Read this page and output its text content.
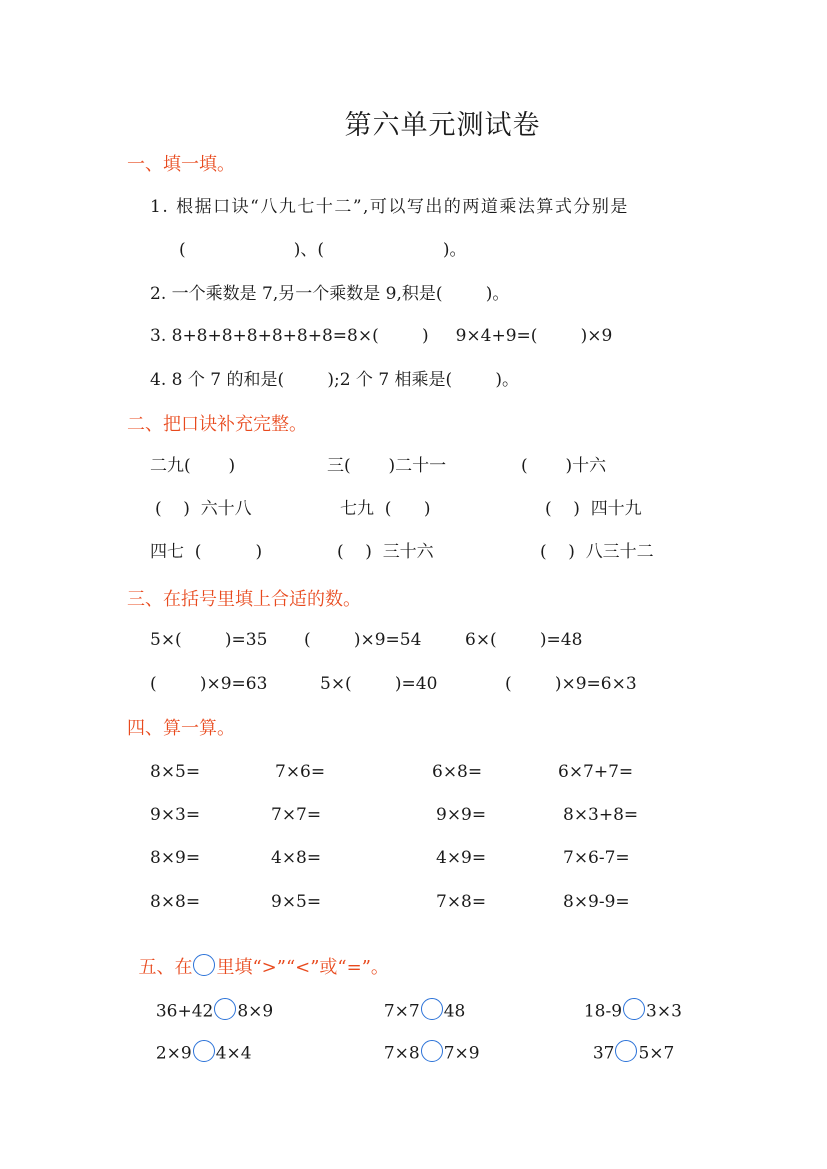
第六单元测试卷
一、填一填。
1. 根据口诀“八九七十二”,可以写出的两道乘法算式分别是
(                    )、(                      )。
2. 一个乘数是 7,另一个乘数是 9,积是(        )。
3. 8+8+8+8+8+8+8=8×(        )     9×4+9=(        )×9
4. 8 个 7 的和是(        );2 个 7 相乘是(        )。
二、把口诀补充完整。
二九(       )	三(       )二十一	(       )十六
(    )  六十八	七九  (      )	(    )  四十九
四七  (          )	(    )  三十六	(    )  八三十二
三、在括号里填上合适的数。
5×(        )=35 (        )×9=54	6×(        )=48
(        )×9=63	5×(        )=40	(        )×9=6×3
四、算一算。
8×5=	7×6=	6×8=	6×7+7=
9×3=	7×7=	9×9=	8×3+8=
8×9=	4×8=	4×9=	7×6-7=
8×8=	9×5=	7×8=	8×9-9=

五、在 里填“>”“<”或“=”。

36+42 8×9	7×7 48	18-9 3×3

2×9 4×4	7×8 7×9	37 5×7
